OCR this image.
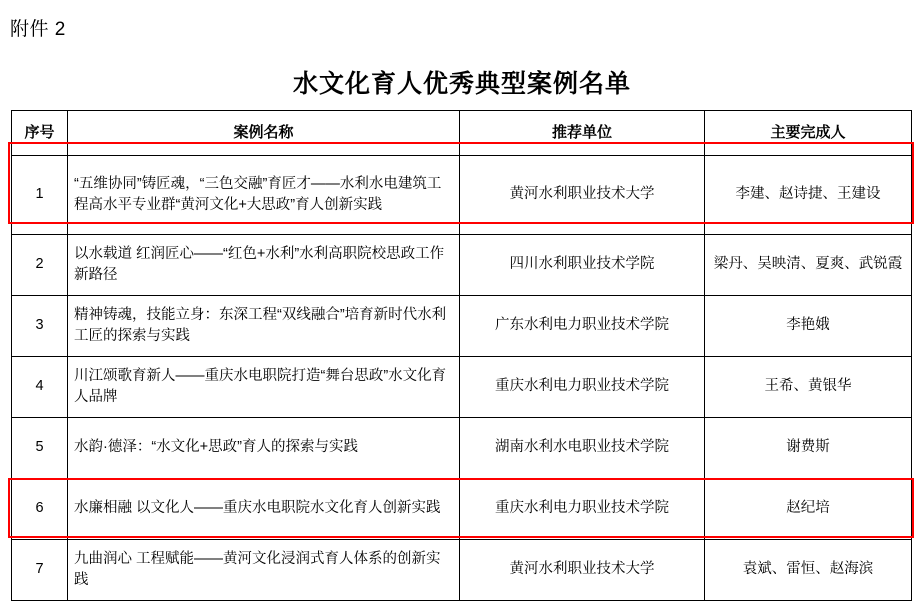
附件 2
水文化育人优秀典型案例名单
序号	案例名称	推荐单位	主要完成人
1	“五维协同”铸匠魂，“三色交融”育匠才——水利水电建筑工程高水平专业群“黄河文化+大思政”育人创新实践	黄河水利职业技术大学	李建、赵诗捷、王建设
2	以水载道 红润匠心——“红色+水利”水利高职院校思政工作新路径	四川水利职业技术学院	梁丹、吴映清、夏爽、武锐霞
3	精神铸魂，技能立身：东深工程“双线融合”培育新时代水利工匠的探索与实践	广东水利电力职业技术学院	李艳娥
4	川江颂歌育新人——重庆水电职院打造“舞台思政”水文化育人品牌	重庆水利电力职业技术学院	王希、黄银华
5	水韵·德泽：“水文化+思政”育人的探索与实践	湖南水利水电职业技术学院	谢费斯
6	水廉相融 以文化人——重庆水电职院水文化育人创新实践	重庆水利电力职业技术学院	赵纪培
7	九曲润心 工程赋能——黄河文化浸润式育人体系的创新实践	黄河水利职业技术大学	袁斌、雷恒、赵海滨
